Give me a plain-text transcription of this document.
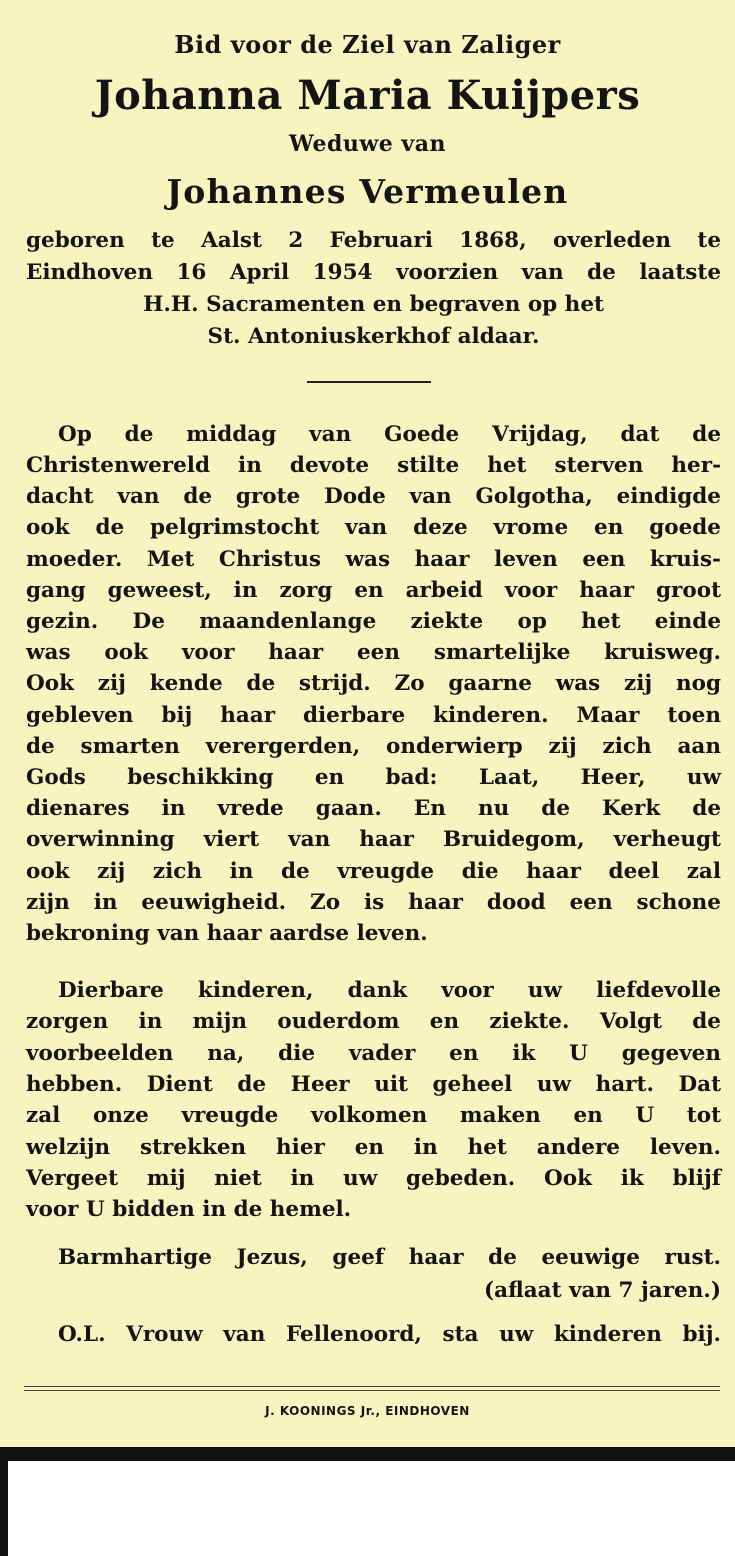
Bid voor de Ziel van Zaliger
Johanna Maria Kuijpers
Weduwe van
Johannes Vermeulen
geboren te Aalst 2 Februari 1868, overleden te
Eindhoven 16 April 1954 voorzien van de laatste
H.H. Sacramenten en begraven op het
St. Antoniuskerkhof aldaar.
Op de middag van Goede Vrijdag, dat de
Christenwereld in devote stilte het sterven her-
dacht van de grote Dode van Golgotha, eindigde
ook de pelgrimstocht van deze vrome en goede
moeder. Met Christus was haar leven een kruis-
gang geweest, in zorg en arbeid voor haar groot
gezin. De maandenlange ziekte op het einde
was ook voor haar een smartelijke kruisweg.
Ook zij kende de strijd. Zo gaarne was zij nog
gebleven bij haar dierbare kinderen. Maar toen
de smarten verergerden, onderwierp zij zich aan
Gods beschikking en bad: Laat, Heer, uw
dienares in vrede gaan. En nu de Kerk de
overwinning viert van haar Bruidegom, verheugt
ook zij zich in de vreugde die haar deel zal
zijn in eeuwigheid. Zo is haar dood een schone
bekroning van haar aardse leven.
Dierbare kinderen, dank voor uw liefdevolle
zorgen in mijn ouderdom en ziekte. Volgt de
voorbeelden na, die vader en ik U gegeven
hebben. Dient de Heer uit geheel uw hart. Dat
zal onze vreugde volkomen maken en U tot
welzijn strekken hier en in het andere leven.
Vergeet mij niet in uw gebeden. Ook ik blijf
voor U bidden in de hemel.
Barmhartige Jezus, geef haar de eeuwige rust.
(aflaat van 7 jaren.)
O.L. Vrouw van Fellenoord, sta uw kinderen bij.
J. KOONINGS Jr., EINDHOVEN
